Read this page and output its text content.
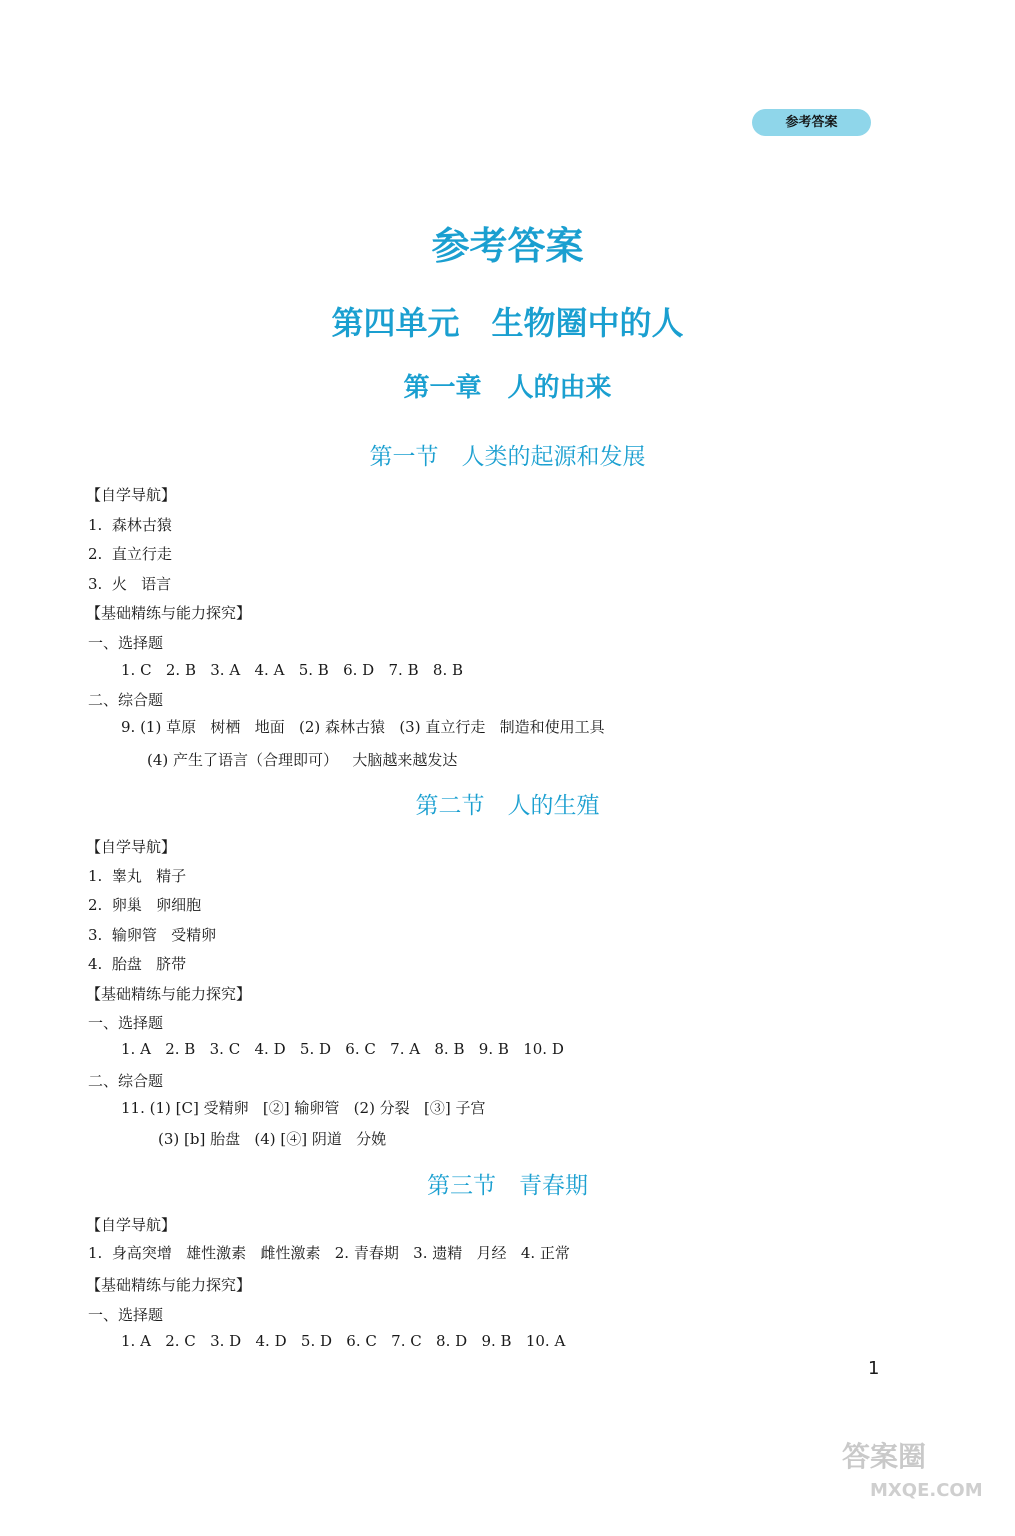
参考答案
参考答案
第四单元　生物圈中的人
第一章　人的由来
第一节　人类的起源和发展
【自学导航】
1.  森林古猿
2.  直立行走
3.  火   语言
【基础精练与能力探究】
一、选择题
1. C   2. B   3. A   4. A   5. B   6. D   7. B   8. B
二、综合题
9. (1) 草原   树栖   地面   (2) 森林古猿   (3) 直立行走   制造和使用工具
(4) 产生了语言（合理即可）   大脑越来越发达
第二节　人的生殖
【自学导航】
1.  睾丸   精子
2.  卵巢   卵细胞
3.  输卵管   受精卵
4.  胎盘   脐带
【基础精练与能力探究】
一、选择题
1. A   2. B   3. C   4. D   5. D   6. C   7. A   8. B   9. B   10. D
二、综合题
11. (1) [C] 受精卵   [②] 输卵管   (2) 分裂   [③] 子宫
(3) [b] 胎盘   (4) [④] 阴道   分娩
第三节　青春期
【自学导航】
1.  身高突增   雄性激素   雌性激素   2. 青春期   3. 遗精   月经   4. 正常
【基础精练与能力探究】
一、选择题
1. A   2. C   3. D   4. D   5. D   6. C   7. C   8. D   9. B   10. A
1
答案圈
MXQE.COM
